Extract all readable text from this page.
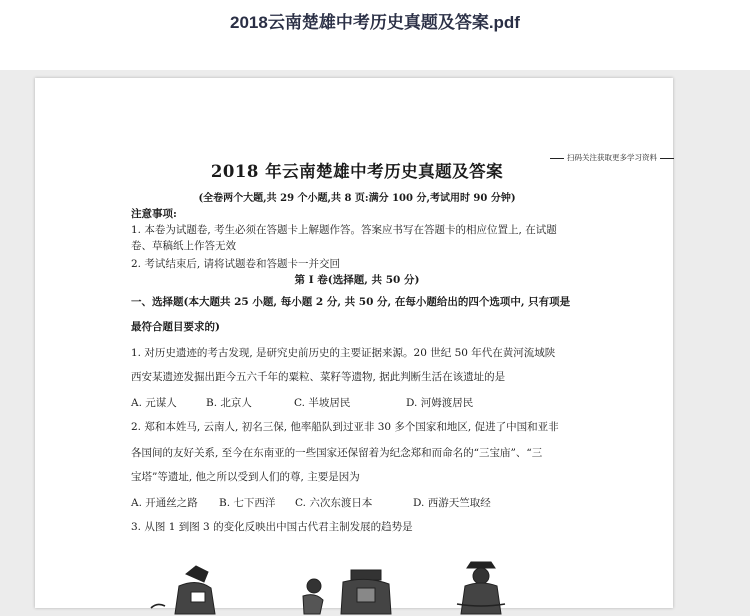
2018云南楚雄中考历史真题及答案.pdf
扫码关注获取更多学习资料
2018 年云南楚雄中考历史真题及答案
(全卷两个大题,共 29 个小题,共 8 页:满分 100 分,考试用时 90 分钟)
注意事项:
1. 本卷为试题卷, 考生必须在答题卡上解题作答。答案应书写在答题卡的相应位置上, 在试题
卷、草稿纸上作答无效
2. 考试结束后, 请将试题卷和答题卡一并交回
第 I 卷(选择题, 共 50 分)
一、选择题(本大题共 25 小题, 每小题 2 分, 共 50 分, 在每小题给出的四个选项中, 只有项是
最符合题目要求的)
1. 对历史遗迹的考古发现, 是研究史前历史的主要证据来源。20 世纪 50 年代在黄河流域陕
西安某遗迹发掘出距今五六千年的粟粒、菜籽等遗物, 据此判断生活在该遗址的是
A. 元谋人	B. 北京人	C. 半坡居民	D. 河姆渡居民
2. 郑和本姓马, 云南人, 初名三保, 他率船队到过亚非 30 多个国家和地区, 促进了中国和亚非
各国间的友好关系, 至今在东南亚的一些国家还保留着为纪念郑和而命名的“三宝庙”、“三
宝塔”等遗址, 他之所以受到人们的尊, 主要是因为
A. 开通丝之路 B. 七下西洋 C. 六次东渡日本	D. 西游天竺取经
3. 从图 1 到图 3 的变化反映出中国古代君主制发展的趋势是
